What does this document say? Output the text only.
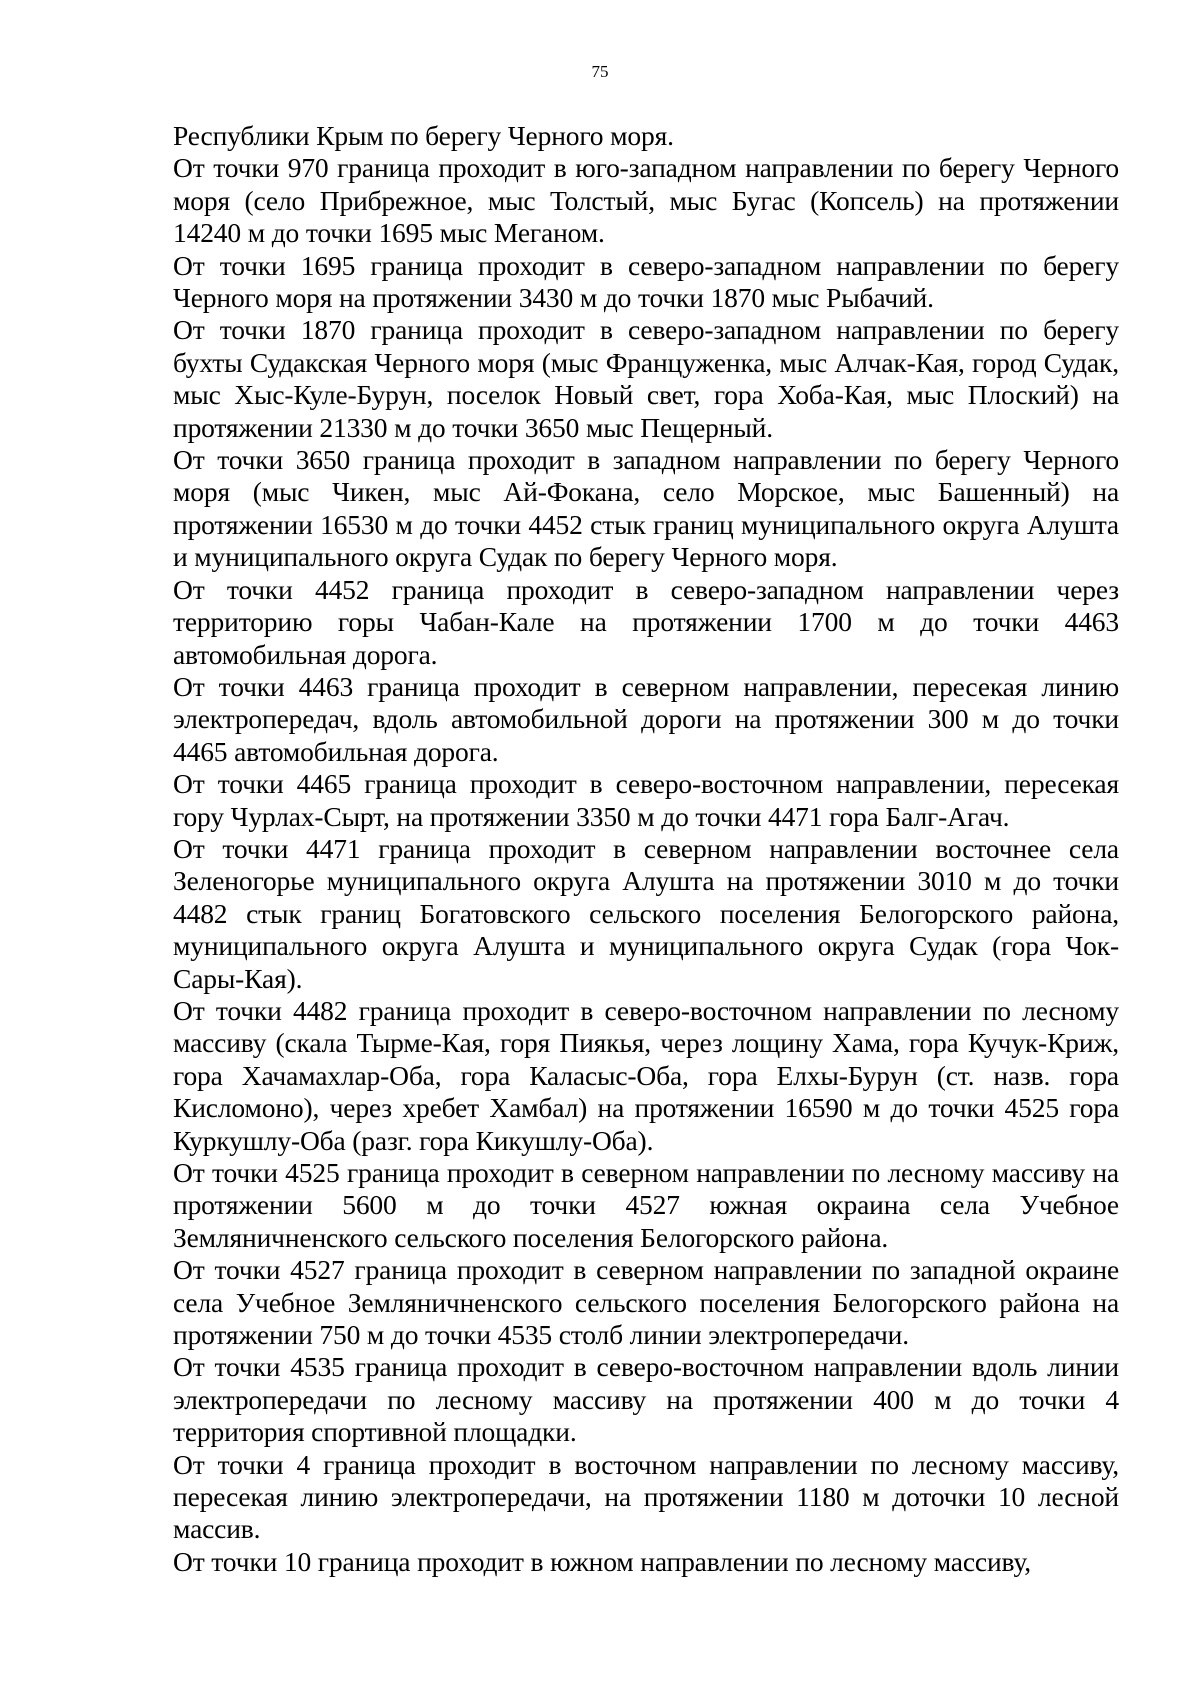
75

Республики Крым по берегу Черного моря.

От точки 970 граница проходит в юго-западном направлении по берегу Черного моря (село Прибрежное, мыс Толстый, мыс Бугас (Копсель) на протяжении 14240 м до точки 1695 мыс Меганом.

От точки 1695 граница проходит в северо-западном направлении по берегу Черного моря на протяжении 3430 м до точки 1870 мыс Рыбачий.

От точки 1870 граница проходит в северо-западном направлении по берегу бухты Судакская Черного моря (мыс Француженка, мыс Алчак-Кая, город Судак, мыс Хыс-Куле-Бурун, поселок Новый свет, гора Хоба-Кая, мыс Плоский) на протяжении 21330 м до точки 3650 мыс Пещерный.

От точки 3650 граница проходит в западном направлении по берегу Черного моря (мыс Чикен, мыс Ай-Фокана, село Морское, мыс Башенный) на протяжении 16530 м до точки 4452 стык границ муниципального округа Алушта и муниципального округа Судак по берегу Черного моря.

От точки 4452 граница проходит в северо-западном направлении через территорию горы Чабан-Кале на протяжении 1700 м до точки 4463 автомобильная дорога.

От точки 4463 граница проходит в северном направлении, пересекая линию электропередач, вдоль автомобильной дороги на протяжении 300 м до точки 4465 автомобильная дорога.

От точки 4465 граница проходит в северо-восточном направлении, пересекая гору Чурлах-Сырт, на протяжении 3350 м до точки 4471 гора Балг-Агач.

От точки 4471 граница проходит в северном направлении восточнее села Зеленогорье муниципального округа Алушта на протяжении 3010 м до точки 4482 стык границ Богатовского сельского поселения Белогорского района, муниципального округа Алушта и муниципального округа Судак (гора Чок-Сары-Кая).

От точки 4482 граница проходит в северо-восточном направлении по лесному массиву (скала Тырме-Кая, горя Пиякья, через лощину Хама, гора Кучук-Криж, гора Хачамахлар-Оба, гора Каласыс-Оба, гора Елхы-Бурун (ст. назв. гора Кисломоно), через хребет Хамбал) на протяжении 16590 м до точки 4525 гора Куркушлу-Оба (разг. гора Кикушлу-Оба).

От точки 4525 граница проходит в северном направлении по лесному массиву на протяжении 5600 м до точки 4527 южная окраина села Учебное Земляничненского сельского поселения Белогорского района.

От точки 4527 граница проходит в северном направлении по западной окраине села Учебное Земляничненского сельского поселения Белогорского района на протяжении 750 м до точки 4535 столб линии электропередачи.

От точки 4535 граница проходит в северо-восточном направлении вдоль линии электропередачи по лесному массиву на протяжении 400 м до точки 4 территория спортивной площадки.

От точки 4 граница проходит в восточном направлении по лесному массиву, пересекая линию электропередачи, на протяжении 1180 м доточки 10 лесной массив.

От точки 10 граница проходит в южном направлении по лесному массиву,
